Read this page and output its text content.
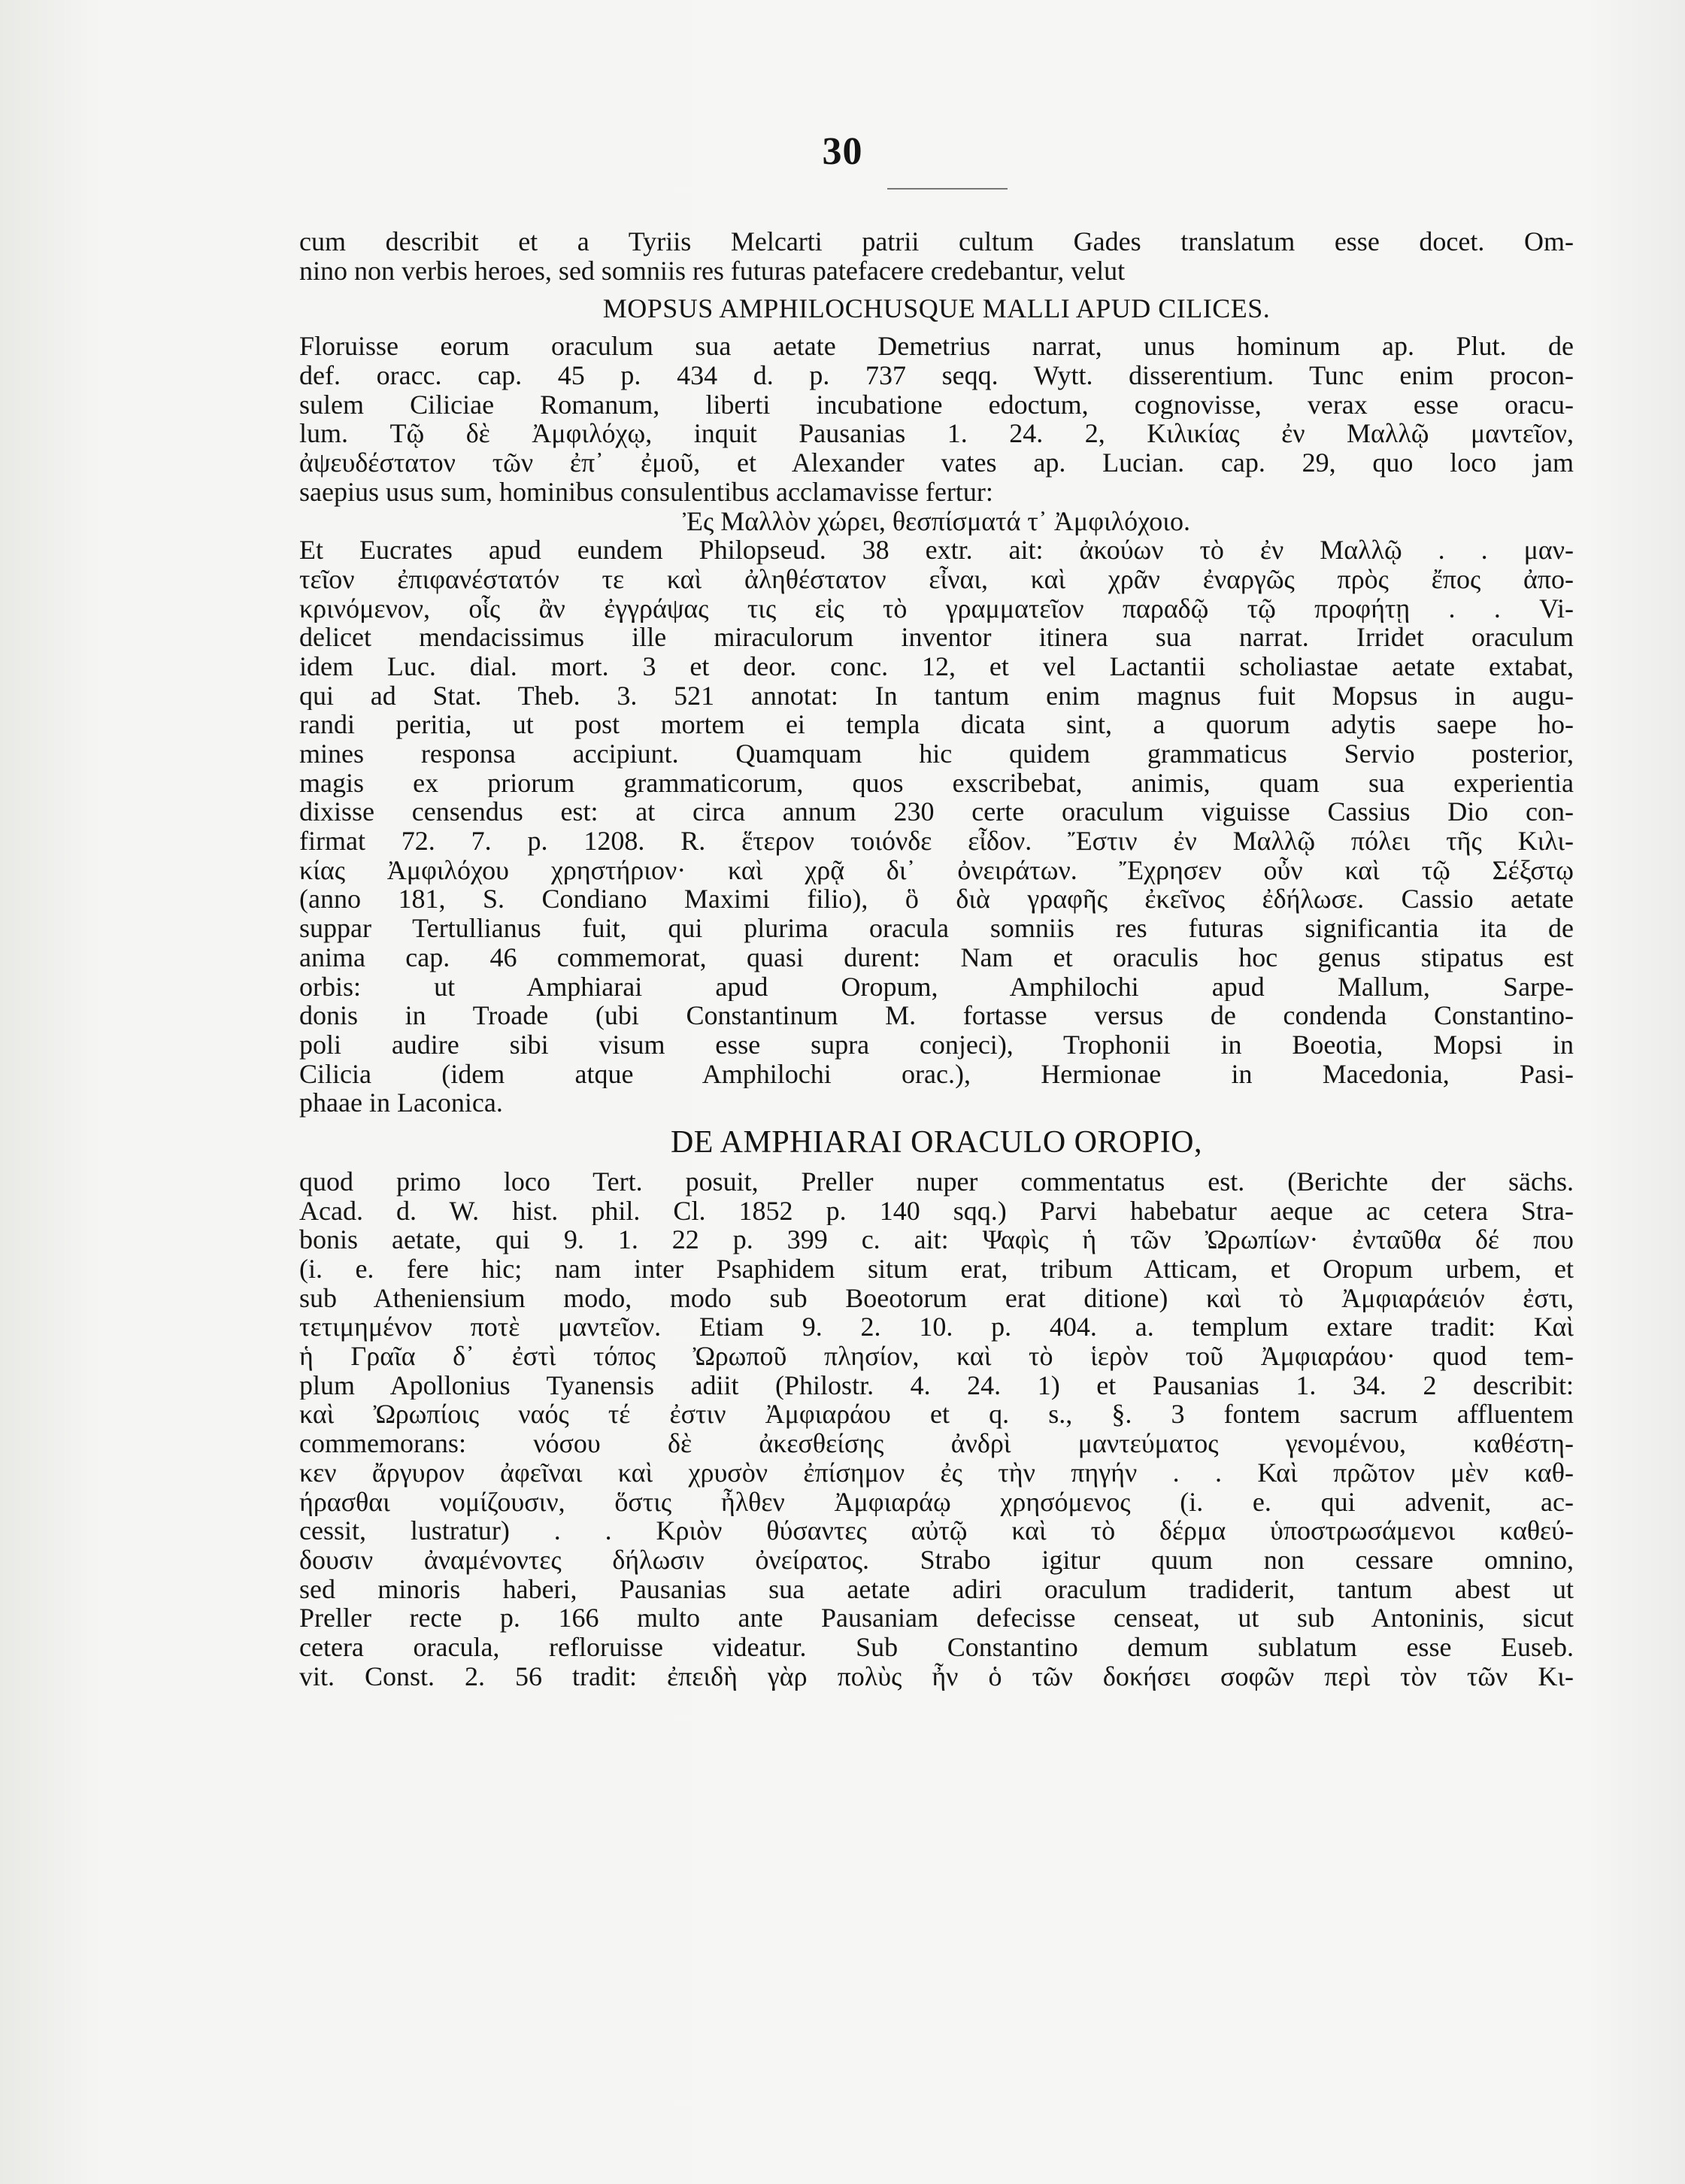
30
cum describit et a Tyriis Melcarti patrii cultum Gades translatum esse docet. Om-
nino non verbis heroes, sed somniis res futuras patefacere credebantur, velut
MOPSUS AMPHILOCHUSQUE MALLI APUD CILICES.
Floruisse eorum oraculum sua aetate Demetrius narrat, unus hominum ap. Plut. de
def. oracc. cap. 45 p. 434 d. p. 737 seqq. Wytt. disserentium. Tunc enim procon-
sulem Ciliciae Romanum, liberti incubatione edoctum, cognovisse, verax esse oracu-
lum. Τῷ δὲ Ἀμφιλόχῳ, inquit Pausanias 1. 24. 2, Κιλικίας ἐν Μαλλῷ μαντεῖον,
ἀψευδέστατον τῶν ἐπ᾽ ἐμοῦ, et Alexander vates ap. Lucian. cap. 29, quo loco jam
saepius usus sum, hominibus consulentibus acclamavisse fertur:
Ἐς Μαλλὸν χώρει, θεσπίσματά τ᾽ Ἀμφιλόχοιο.
Et Eucrates apud eundem Philopseud. 38 extr. ait: ἀκούων τὸ ἐν Μαλλῷ . . μαν-
τεῖον ἐπιφανέστατόν τε καὶ ἀληθέστατον εἶναι, καὶ χρᾶν ἐναργῶς πρὸς ἔπος ἀπο-
κρινόμενον, οἷς ἂν ἐγγράψας τις εἰς τὸ γραμματεῖον παραδῷ τῷ προφήτῃ . . Vi-
delicet mendacissimus ille miraculorum inventor itinera sua narrat. Irridet oraculum
idem Luc. dial. mort. 3 et deor. conc. 12, et vel Lactantii scholiastae aetate extabat,
qui ad Stat. Theb. 3. 521 annotat: In tantum enim magnus fuit Mopsus in augu-
randi peritia, ut post mortem ei templa dicata sint, a quorum adytis saepe ho-
mines responsa accipiunt. Quamquam hic quidem grammaticus Servio posterior,
magis ex priorum grammaticorum, quos exscribebat, animis, quam sua experientia
dixisse censendus est: at circa annum 230 certe oraculum viguisse Cassius Dio con-
firmat 72. 7. p. 1208. R. ἕτερον τοιόνδε εἶδον. Ἔστιν ἐν Μαλλῷ πόλει τῆς Κιλι-
κίας Ἀμφιλόχου χρηστήριον· καὶ χρᾷ δι᾽ ὀνειράτων. Ἔχρησεν οὖν καὶ τῷ Σέξστῳ
(anno 181, S. Condiano Maximi filio), ὃ διὰ γραφῆς ἐκεῖνος ἐδήλωσε. Cassio aetate
suppar Tertullianus fuit, qui plurima oracula somniis res futuras significantia ita de
anima cap. 46 commemorat, quasi durent: Nam et oraculis hoc genus stipatus est
orbis: ut Amphiarai apud Oropum, Amphilochi apud Mallum, Sarpe-
donis in Troade (ubi Constantinum M. fortasse versus de condenda Constantino-
poli audire sibi visum esse supra conjeci), Trophonii in Boeotia, Mopsi in
Cilicia (idem atque Amphilochi orac.), Hermionae in Macedonia, Pasi-
phaae in Laconica.
DE AMPHIARAI ORACULO OROPIO,
quod primo loco Tert. posuit, Preller nuper commentatus est. (Berichte der sächs.
Acad. d. W. hist. phil. Cl. 1852 p. 140 sqq.) Parvi habebatur aeque ac cetera Stra-
bonis aetate, qui 9. 1. 22 p. 399 c. ait: Ψαφὶς ἡ τῶν Ὠρωπίων· ἐνταῦθα δέ που
(i. e. fere hic; nam inter Psaphidem situm erat, tribum Atticam, et Oropum urbem, et
sub Atheniensium modo, modo sub Boeotorum erat ditione) καὶ τὸ Ἀμφιαράειόν ἐστι,
τετιμημένον ποτὲ μαντεῖον. Etiam 9. 2. 10. p. 404. a. templum extare tradit: Καὶ
ἡ Γραῖα δ᾽ ἐστὶ τόπος Ὠρωποῦ πλησίον, καὶ τὸ ἱερὸν τοῦ Ἀμφιαράου· quod tem-
plum Apollonius Tyanensis adiit (Philostr. 4. 24. 1) et Pausanias 1. 34. 2 describit:
καὶ Ὠρωπίοις ναός τέ ἐστιν Ἀμφιαράου et q. s., §. 3 fontem sacrum affluentem
commemorans: νόσου δὲ ἀκεσθείσης ἀνδρὶ μαντεύματος γενομένου, καθέστη-
κεν ἄργυρον ἀφεῖναι καὶ χρυσὸν ἐπίσημον ἐς τὴν πηγήν . . Καὶ πρῶτον μὲν καθ-
ήρασθαι νομίζουσιν, ὅστις ἦλθεν Ἀμφιαράῳ χρησόμενος (i. e. qui advenit, ac-
cessit, lustratur) . . Κριὸν θύσαντες αὐτῷ καὶ τὸ δέρμα ὑποστρωσάμενοι καθεύ-
δουσιν ἀναμένοντες δήλωσιν ὀνείρατος. Strabo igitur quum non cessare omnino,
sed minoris haberi, Pausanias sua aetate adiri oraculum tradiderit, tantum abest ut
Preller recte p. 166 multo ante Pausaniam defecisse censeat, ut sub Antoninis, sicut
cetera oracula, refloruisse videatur. Sub Constantino demum sublatum esse Euseb.
vit. Const. 2. 56 tradit: ἐπειδὴ γὰρ πολὺς ἦν ὁ τῶν δοκήσει σοφῶν περὶ τὸν τῶν Κι-
